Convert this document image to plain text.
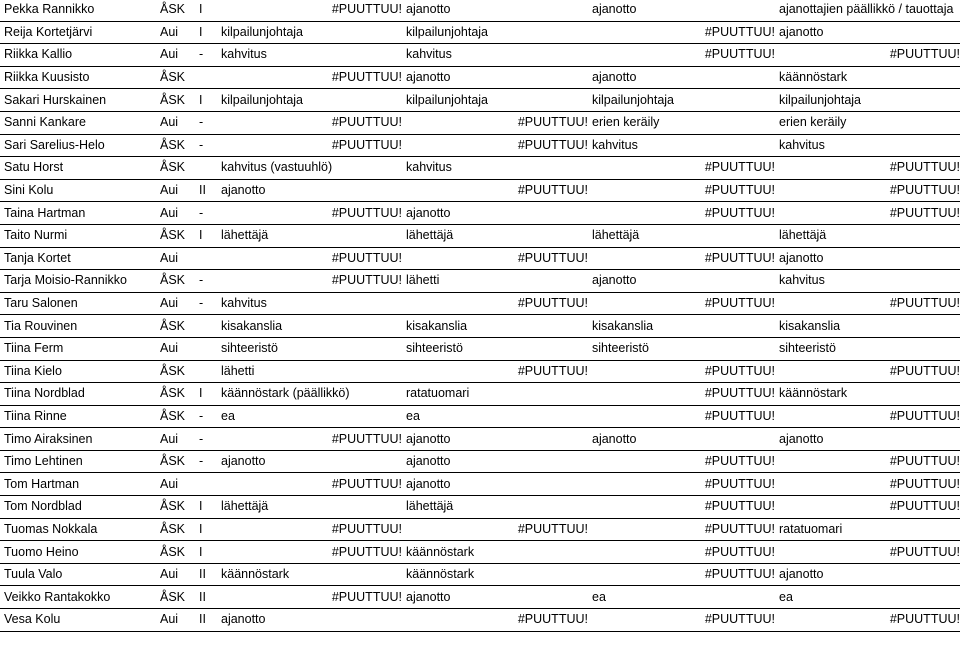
Pekka Rannikko	ÅSK	I	#PUUTTUU!	ajanotto	ajanotto	ajanottajien päällikkö / tauottaja
Reija Kortetjärvi	Aui	I	kilpailunjohtaja	kilpailunjohtaja	#PUUTTUU!	ajanotto
Riikka Kallio	Aui	-	kahvitus	kahvitus	#PUUTTUU!	#PUUTTUU!
Riikka Kuusisto	ÅSK		#PUUTTUU!	ajanotto	ajanotto	käännöstark
Sakari Hurskainen	ÅSK	I	kilpailunjohtaja	kilpailunjohtaja	kilpailunjohtaja	kilpailunjohtaja
Sanni Kankare	Aui	-	#PUUTTUU!	#PUUTTUU!	erien keräily	erien keräily
Sari Sarelius-Helo	ÅSK	-	#PUUTTUU!	#PUUTTUU!	kahvitus	kahvitus
Satu Horst	ÅSK		kahvitus (vastuuhlö)	kahvitus	#PUUTTUU!	#PUUTTUU!
Sini Kolu	Aui	II	ajanotto	#PUUTTUU!	#PUUTTUU!	#PUUTTUU!
Taina Hartman	Aui	-	#PUUTTUU!	ajanotto	#PUUTTUU!	#PUUTTUU!
Taito Nurmi	ÅSK	I	lähettäjä	lähettäjä	lähettäjä	lähettäjä
Tanja Kortet	Aui		#PUUTTUU!	#PUUTTUU!	#PUUTTUU!	ajanotto
Tarja Moisio-Rannikko	ÅSK	-	#PUUTTUU!	lähetti	ajanotto	kahvitus
Taru Salonen	Aui	-	kahvitus	#PUUTTUU!	#PUUTTUU!	#PUUTTUU!
Tia Rouvinen	ÅSK		kisakanslia	kisakanslia	kisakanslia	kisakanslia
Tiina Ferm	Aui		sihteeristö	sihteeristö	sihteeristö	sihteeristö
Tiina Kielo	ÅSK		lähetti	#PUUTTUU!	#PUUTTUU!	#PUUTTUU!
Tiina Nordblad	ÅSK	I	käännöstark (päällikkö)	ratatuomari	#PUUTTUU!	käännöstark
Tiina Rinne	ÅSK	-	ea	ea	#PUUTTUU!	#PUUTTUU!
Timo Airaksinen	Aui	-	#PUUTTUU!	ajanotto	ajanotto	ajanotto
Timo Lehtinen	ÅSK	-	ajanotto	ajanotto	#PUUTTUU!	#PUUTTUU!
Tom Hartman	Aui		#PUUTTUU!	ajanotto	#PUUTTUU!	#PUUTTUU!
Tom Nordblad	ÅSK	I	lähettäjä	lähettäjä	#PUUTTUU!	#PUUTTUU!
Tuomas Nokkala	ÅSK	I	#PUUTTUU!	#PUUTTUU!	#PUUTTUU!	ratatuomari
Tuomo Heino	ÅSK	I	#PUUTTUU!	käännöstark	#PUUTTUU!	#PUUTTUU!
Tuula Valo	Aui	II	käännöstark	käännöstark	#PUUTTUU!	ajanotto
Veikko Rantakokko	ÅSK	II	#PUUTTUU!	ajanotto	ea	ea
Vesa Kolu	Aui	II	ajanotto	#PUUTTUU!	#PUUTTUU!	#PUUTTUU!
